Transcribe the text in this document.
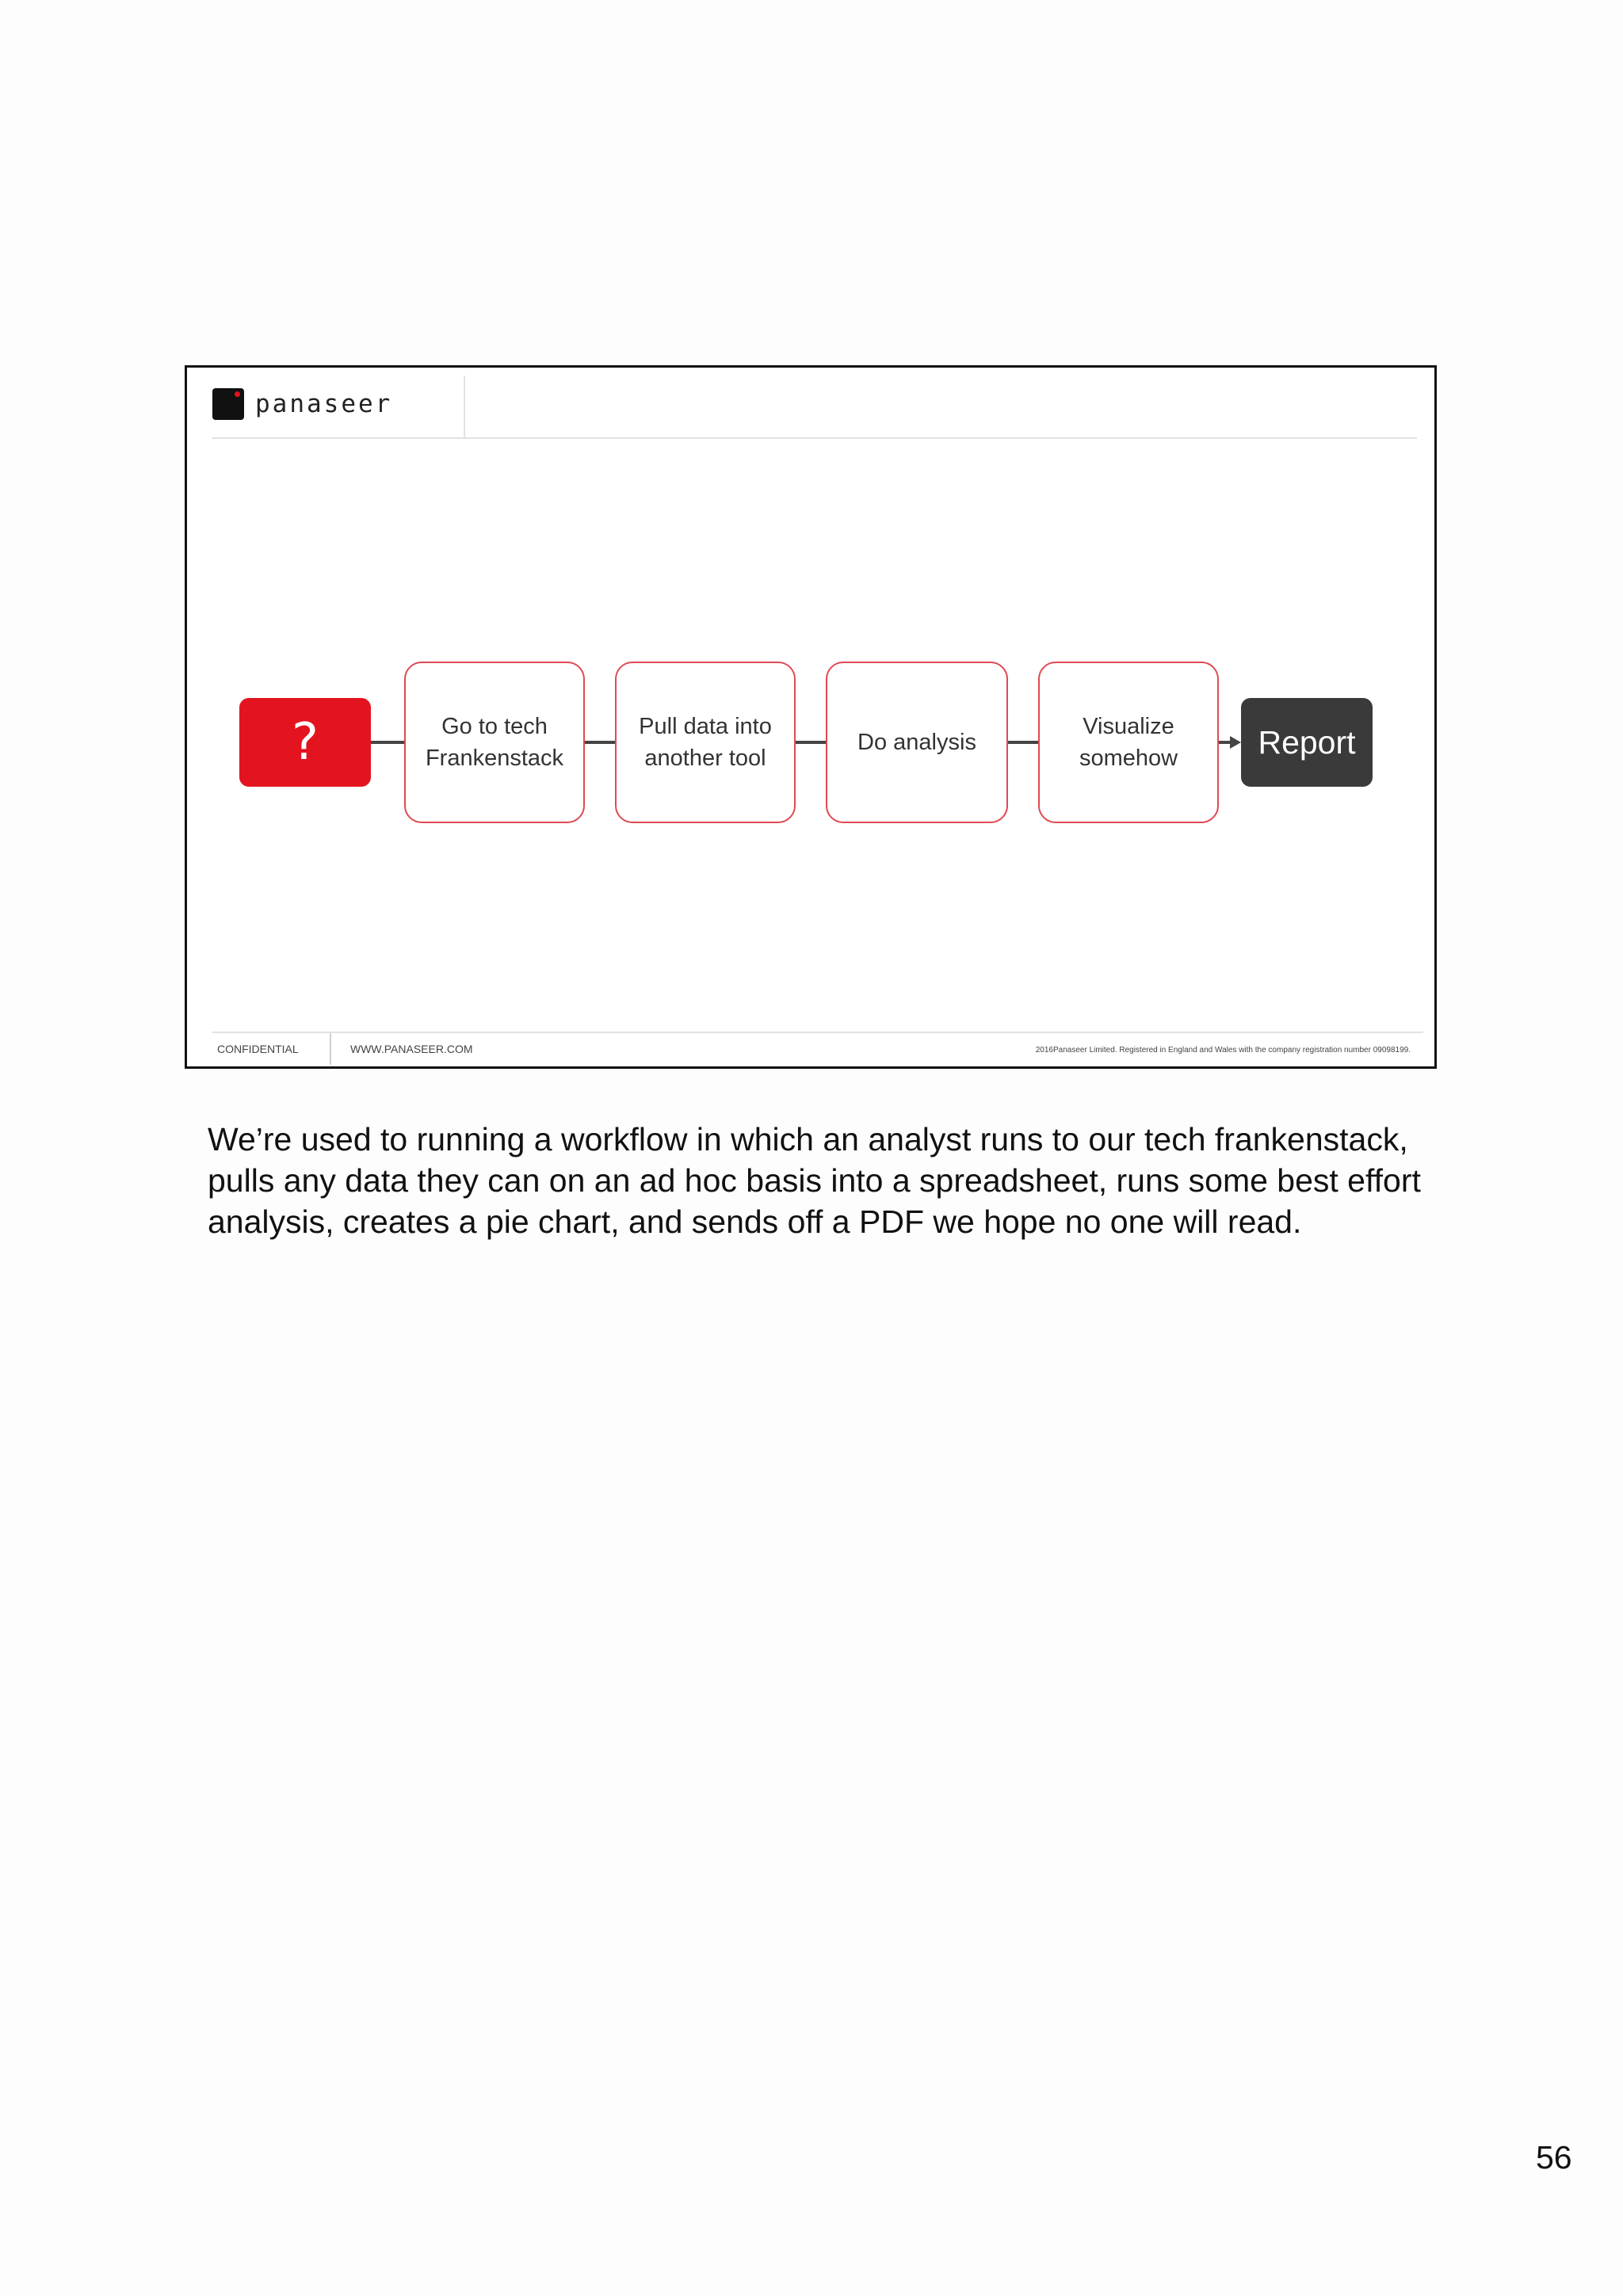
panaseer
?	Go to tech
Frankenstack
Pull data into
another tool
Do analysis
Visualize
somehow	Report
CONFIDENTIAL	WWW.PANASEER.COM	2016Panaseer Limited. Registered in England and Wales with the company registration number 09098199.

We’re used to running a workflow in which an analyst runs to our tech frankenstack, pulls any data they can on an ad hoc basis into a spreadsheet, runs some best effort analysis, creates a pie chart, and sends off a PDF we hope no one will read.

56
